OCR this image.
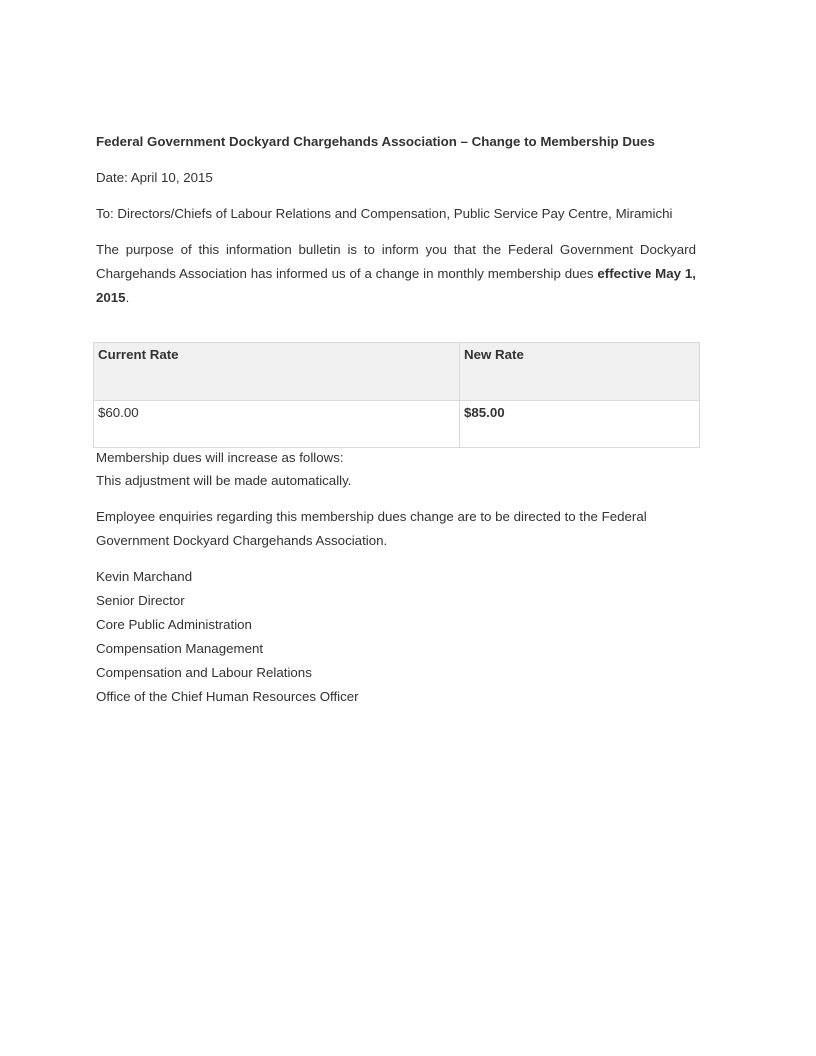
Federal Government Dockyard Chargehands Association – Change to Membership Dues
Date: April 10, 2015
To: Directors/Chiefs of Labour Relations and Compensation, Public Service Pay Centre, Miramichi
The purpose of this information bulletin is to inform you that the Federal Government Dockyard Chargehands Association has informed us of a change in monthly membership dues effective May 1, 2015.
Current Rate	New Rate
$60.00	$85.00
Membership dues will increase as follows:
This adjustment will be made automatically.
Employee enquiries regarding this membership dues change are to be directed to the Federal Government Dockyard Chargehands Association.
Kevin Marchand
Senior Director
Core Public Administration
Compensation Management
Compensation and Labour Relations
Office of the Chief Human Resources Officer
